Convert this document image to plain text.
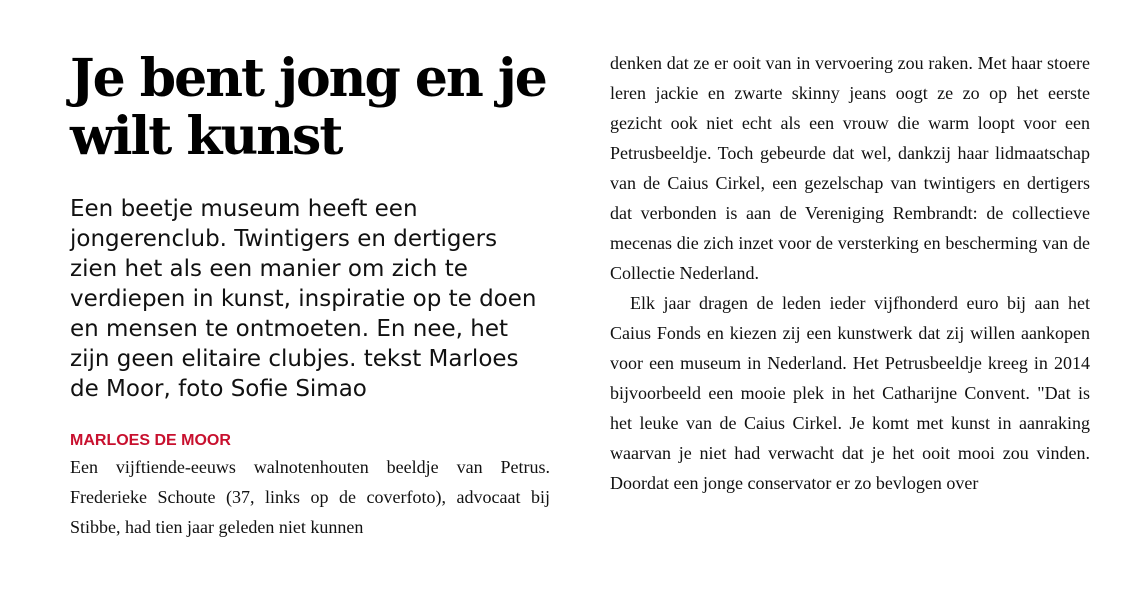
Je bent jong en je wilt kunst

Een beetje museum heeft een jongerenclub. Twintigers en dertigers zien het als een manier om zich te verdiepen in kunst, inspiratie op te doen en mensen te ontmoeten. En nee, het zijn geen elitaire clubjes. tekst Marloes de Moor, foto Sofie Simao

MARLOES DE MOOR

Een vijftiende-eeuws walnotenhouten beeldje van Petrus. Frederieke Schoute (37, links op de coverfoto), advocaat bij Stibbe, had tien jaar geleden niet kunnen

denken dat ze er ooit van in vervoering zou raken. Met haar stoere leren jackie en zwarte skinny jeans oogt ze zo op het eerste gezicht ook niet echt als een vrouw die warm loopt voor een Petrusbeeldje. Toch gebeurde dat wel, dankzij haar lidmaatschap van de Caius Cirkel, een gezelschap van twintigers en dertigers dat verbonden is aan de Vereniging Rembrandt: de collectieve mecenas die zich inzet voor de versterking en bescherming van de Collectie Nederland.

Elk jaar dragen de leden ieder vijfhonderd euro bij aan het Caius Fonds en kiezen zij een kunstwerk dat zij willen aankopen voor een museum in Nederland. Het Petrusbeeldje kreeg in 2014 bijvoorbeeld een mooie plek in het Catharijne Convent. "Dat is het leuke van de Caius Cirkel. Je komt met kunst in aanraking waarvan je niet had verwacht dat je het ooit mooi zou vinden. Doordat een jonge conservator er zo bevlogen over
